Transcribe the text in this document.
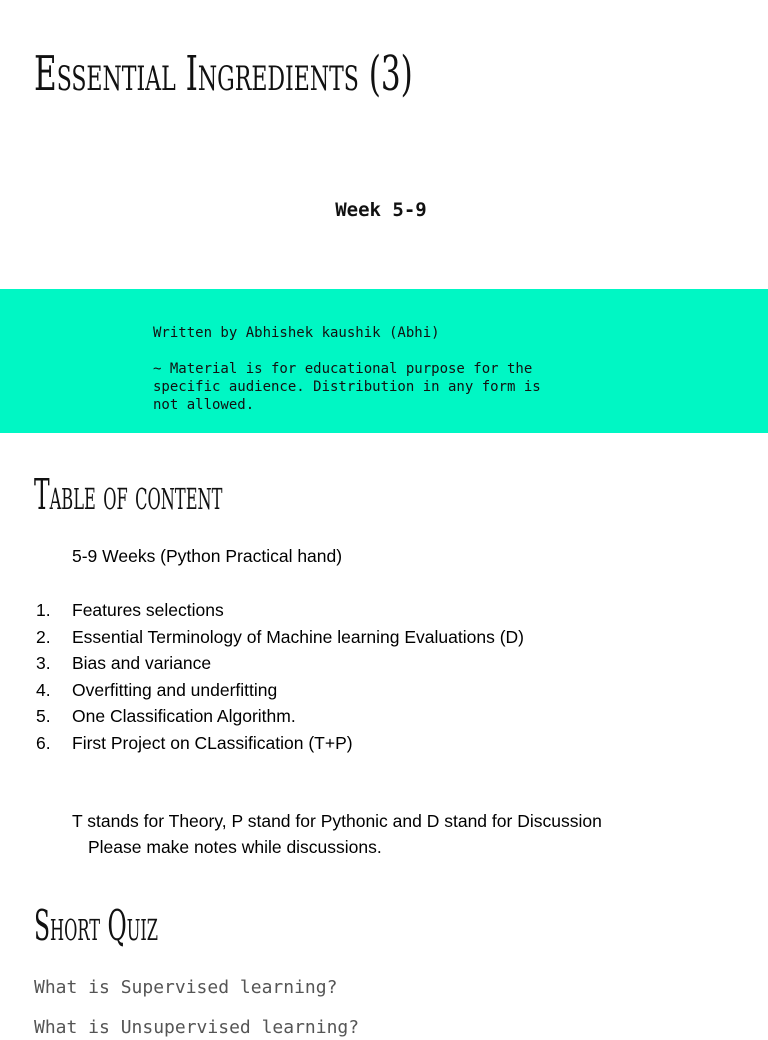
Essential Ingredients (3)
Week 5-9

Written by Abhishek kaushik (Abhi)

~ Material is for educational purpose for the

specific audience. Distribution in any form is

not allowed.

Table of content
5-9 Weeks (Python Practical hand)
1.	Features selections
2.	Essential Terminology of Machine learning Evaluations (D)
3.	Bias and variance
4.	Overfitting and underfitting
5.	One Classification Algorithm.
6.	First Project on CLassification (T+P)
T stands for Theory, P stand for Pythonic and D stand for Discussion
Please make notes while discussions.
Short Quiz
What is Supervised learning?
What is Unsupervised learning?
